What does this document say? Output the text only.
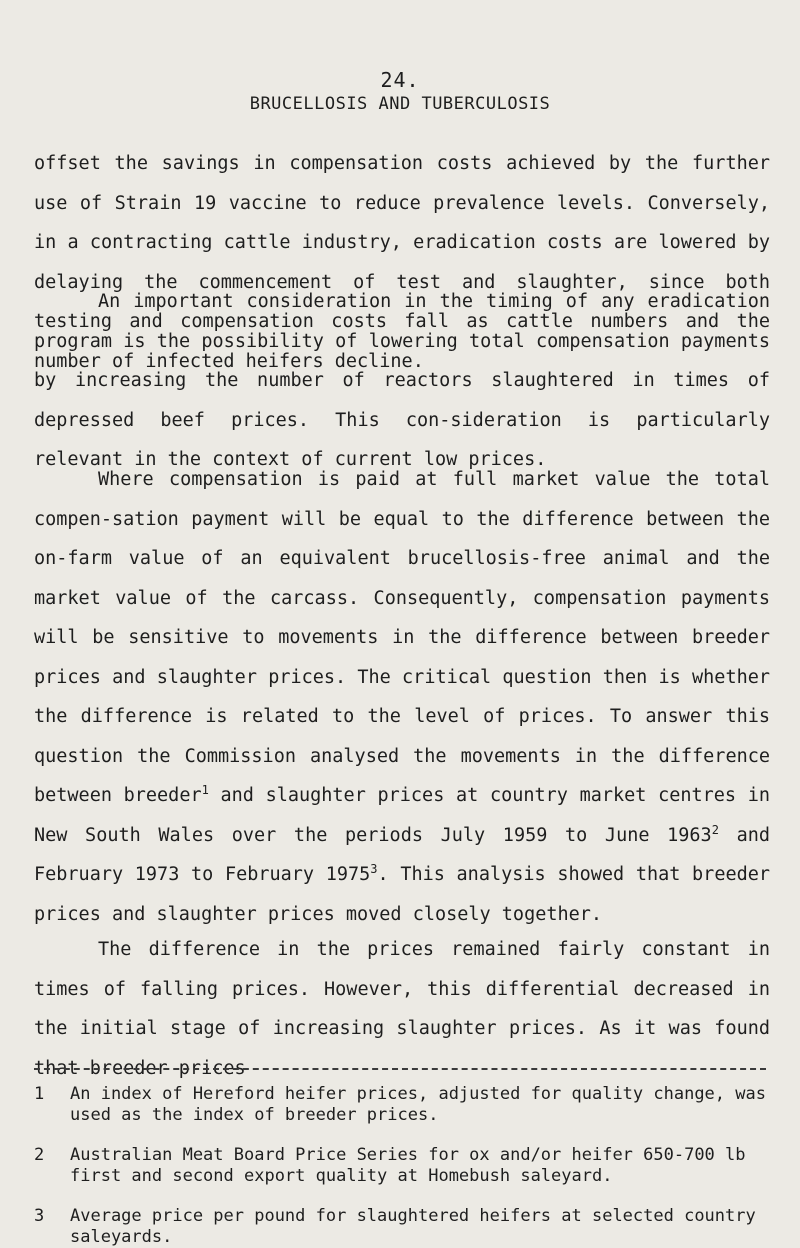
24.
BRUCELLOSIS AND TUBERCULOSIS

offset the savings in compensation costs achieved by the further use of Strain 19 vaccine to reduce prevalence levels. Conversely, in a contracting cattle industry, eradication costs are lowered by delaying the commencement of test and slaughter, since both testing and compensation costs fall as cattle numbers and the number of infected heifers decline.

An important consideration in the timing of any eradication program is the possibility of lowering total compensation payments by increasing the number of reactors slaughtered in times of depressed beef prices. This con-sideration is particularly relevant in the context of current low prices.

Where compensation is paid at full market value the total compen-sation payment will be equal to the difference between the on-farm value of an equivalent brucellosis-free animal and the market value of the carcass. Consequently, compensation payments will be sensitive to movements in the difference between breeder prices and slaughter prices. The critical question then is whether the difference is related to the level of prices. To answer this question the Commission analysed the movements in the difference between breeder$^1$ and slaughter prices at country market centres in New South Wales over the periods July 1959 to June 1963$^2$ and February 1973 to February 1975$^3$. This analysis showed that breeder prices and slaughter prices moved closely together.

The difference in the prices remained fairly constant in times of falling prices. However, this differential decreased in the initial stage of increasing slaughter prices. As it was found that breeder prices

1	An index of Hereford heifer prices, adjusted for quality change, was used as the index of breeder prices.
2	Australian Meat Board Price Series for ox and/or heifer 650-700 lb first and second export quality at Homebush saleyard.
3	Average price per pound for slaughtered heifers at selected country saleyards.
